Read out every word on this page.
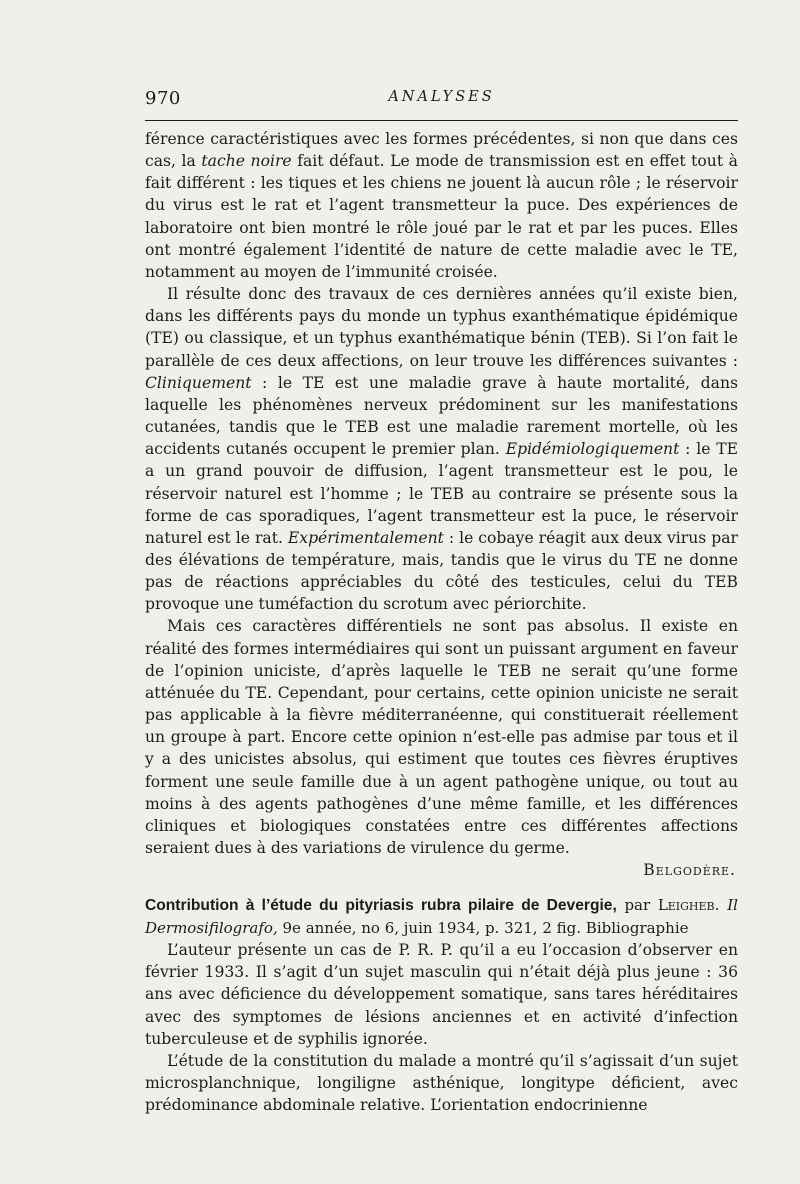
970	ANALYSES

férence caractéristiques avec les formes précédentes, si non que dans ces cas, la tache noire fait défaut. Le mode de transmission est en effet tout à fait différent : les tiques et les chiens ne jouent là aucun rôle ; le réservoir du virus est le rat et l’agent transmetteur la puce. Des expériences de laboratoire ont bien montré le rôle joué par le rat et par les puces. Elles ont montré également l’identité de nature de cette maladie avec le TE, notamment au moyen de l’immunité croisée.

Il résulte donc des travaux de ces dernières années qu’il existe bien, dans les différents pays du monde un typhus exanthématique épidémique (TE) ou classique, et un typhus exanthématique bénin (TEB). Si l’on fait le parallèle de ces deux affections, on leur trouve les différences suivantes : Cliniquement : le TE est une maladie grave à haute mortalité, dans laquelle les phénomènes nerveux prédominent sur les manifestations cutanées, tandis que le TEB est une maladie rarement mortelle, où les accidents cutanés occupent le premier plan. Epidémiologiquement : le TE a un grand pouvoir de diffusion, l’agent transmetteur est le pou, le réservoir naturel est l’homme ; le TEB au contraire se présente sous la forme de cas sporadiques, l’agent transmetteur est la puce, le réservoir naturel est le rat. Expérimentalement : le cobaye réagit aux deux virus par des élévations de température, mais, tandis que le virus du TE ne donne pas de réactions appréciables du côté des testicules, celui du TEB provoque une tuméfaction du scrotum avec périorchite.

Mais ces caractères différentiels ne sont pas absolus. Il existe en réalité des formes intermédiaires qui sont un puissant argument en faveur de l’opinion uniciste, d’après laquelle le TEB ne serait qu’une forme atténuée du TE. Cependant, pour certains, cette opinion uniciste ne serait pas applicable à la fièvre méditerranéenne, qui constituerait réellement un groupe à part. Encore cette opinion n’est-elle pas admise par tous et il y a des unicistes absolus, qui estiment que toutes ces fièvres éruptives forment une seule famille due à un agent pathogène unique, ou tout au moins à des agents pathogènes d’une même famille, et les différences cliniques et biologiques constatées entre ces différentes affections seraient dues à des variations de virulence du germe.

Belgodère.

Contribution à l’étude du pityriasis rubra pilaire de Devergie, par Leigheb. Il Dermosifilografo, 9e année, no 6, juin 1934, p. 321, 2 fig. Bibliographie

L’auteur présente un cas de P. R. P. qu’il a eu l’occasion d’observer en février 1933. Il s’agit d’un sujet masculin qui n’était déjà plus jeune : 36 ans avec déficience du développement somatique, sans tares héréditaires avec des symptomes de lésions anciennes et en activité d’infection tuberculeuse et de syphilis ignorée.

L’étude de la constitution du malade a montré qu’il s’agissait d’un sujet microsplanchnique, longiligne asthénique, longitype déficient, avec prédominance abdominale relative. L’orientation endocrinienne
